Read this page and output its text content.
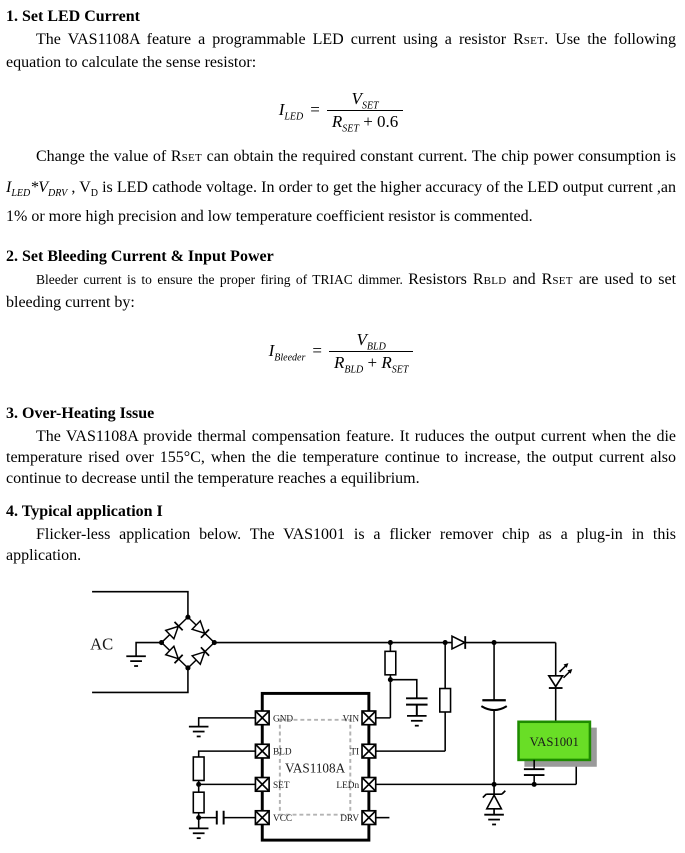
1. Set LED Current

The VAS1108A feature a programmable LED current using a resistor RSET. Use the following equation to calculate the sense resistor:

$I_{LED} = \frac{V_{SET}}{R_{SET} + 0.6}$

Change the value of RSET can obtain the required constant current. The chip power consumption is $I_{LED}*V_{DRV}$ , $V_D$ is LED cathode voltage. In order to get the higher accuracy of the LED output current ,an 1% or more high precision and low temperature coefficient resistor is commented.

2. Set Bleeding Current & Input Power

Bleeder current is to ensure the proper firing of TRIAC dimmer. Resistors RBLD and RSET are used to set bleeding current by:

$I_{Bleeder} = \frac{V_{BLD}}{R_{BLD} + R_{SET}}$
3. Over-Heating Issue

The VAS1108A provide thermal compensation feature. It ruduces the output current when the die temperature rised over 155°C, when the die temperature continue to increase, the output current also continue to decrease until the temperature reaches a equilibrium.

4. Typical application I

Flicker-less application below. The VAS1001 is a flicker remover chip as a plug-in in this application.

AC
VAS1001
VAS1108A
GND
BLD
SET
VCC
VIN
TI
LEDn
DRV
